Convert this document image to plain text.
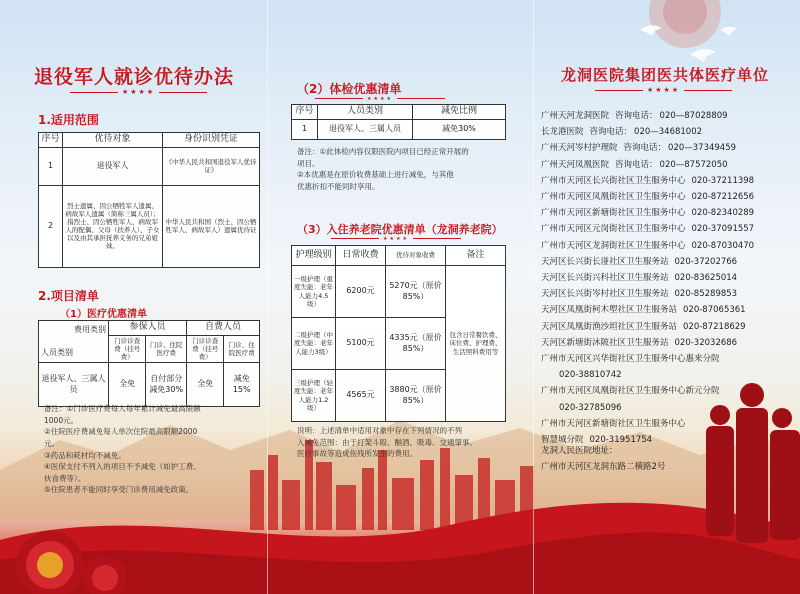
退役军人就诊优待办法
★★★★
1.适用范围
序号	优待对象	身份识别凭证
1	退役军人	《中华人民共和国退役军人优待证》
2	烈士遗属、因公牺牲军人遗属、病故军人遗属（简称三属人员）；指烈士、因公牺牲军人、病故军人的配偶、父母（扶养人）、子女以及由其承担抚养义务的兄弟姐妹。	中华人民共和国（烈士、因公牺牲军人、病故军人）遗属优待证
2.项目清单
（1）医疗优惠清单
费用类别
人员类别	参保人员		自费人员	
	门诊诊查费（挂号费）	门诊、住院医疗费	门诊诊查费（挂号费）	门诊、住院医疗费
退役军人、三属人员	全免	自付部分减免30%	全免	减免15%

备注：①门诊医疗费每人每年累计减免最高限额

1000元。

②住院医疗费减免每人单次住院最高限额2000

元。

③药品和耗材均不减免。

④医保支付不列入的项目不予减免（如护工费、

伙食费等）。

⑤住院患者不能同时享受门诊费用减免政策。

（2）体检优惠清单
★★★★
序号	人员类别	减免比例
1	退役军人、三属人员	减免30%

备注：①此体检内容仅限医院内项目已经正常开展的

项目。

②本优惠是在原价收费基础上进行减免，与其他

优惠折扣不能同时享用。

（3）入住养老院优惠清单（龙洞养老院）
★★★★
护理级别	日常收费	优待对象收费	备注
一级护理（重度失能：老年人能力4.5级）	6200元	5270元（原价85%）	包含日常餐饮费、床位费、护理费、生活照料费用等
二级护理（中度失能：老年人能力3级）	5100元	4335元（原价85%）	
三级护理（轻度失能：老年人能力1.2级）	4565元	3880元（原价85%）	

说明：上述清单中适用对象中存在下列情况的不列

入减免范围：由于打架斗殴、酗酒、吸毒、交通肇事、

医疗事故等造成伤残所发生的费用。

龙洞医院集团医共体医疗单位
★★★★
广州天河龙洞医院 咨询电话： 020—87028809
长龙港医院 咨询电话： 020—34681002
广州天河岑村护理院 咨询电话： 020—37349459
广州天河凤凰医院 咨询电话： 020—87572050
广州市天河区长兴街社区卫生服务中心 020-37211398
广州市天河区凤凰街社区卫生服务中心 020-87212656
广州市天河区新塘街社区卫生服务中心 020-82340289
广州市天河区元岗街社区卫生服务中心 020-37091557
广州市天河区龙洞街社区卫生服务中心 020-87030470
天河区长兴街长湴社区卫生服务站 020-37202766
天河区长兴街兴科社区卫生服务站 020-83625014
天河区长兴街岑村社区卫生服务站 020-85289853
天河区凤凰街柯木塱社区卫生服务站 020-87065361
天河区凤凰街渔沙坦社区卫生服务站 020-87218629
天河区新塘街沐陂社区卫生服务站 020-32032686
广州市天河区兴华街社区卫生服务中心惠来分院
020-38810742
广州市天河区凤凰街社区卫生服务中心新元分院
020-32785096
广州市天河区新塘街社区卫生服务中心
智慧城分院 020-31951754
龙洞人民医院地址：
广州市天河区龙洞东路二横路2号
